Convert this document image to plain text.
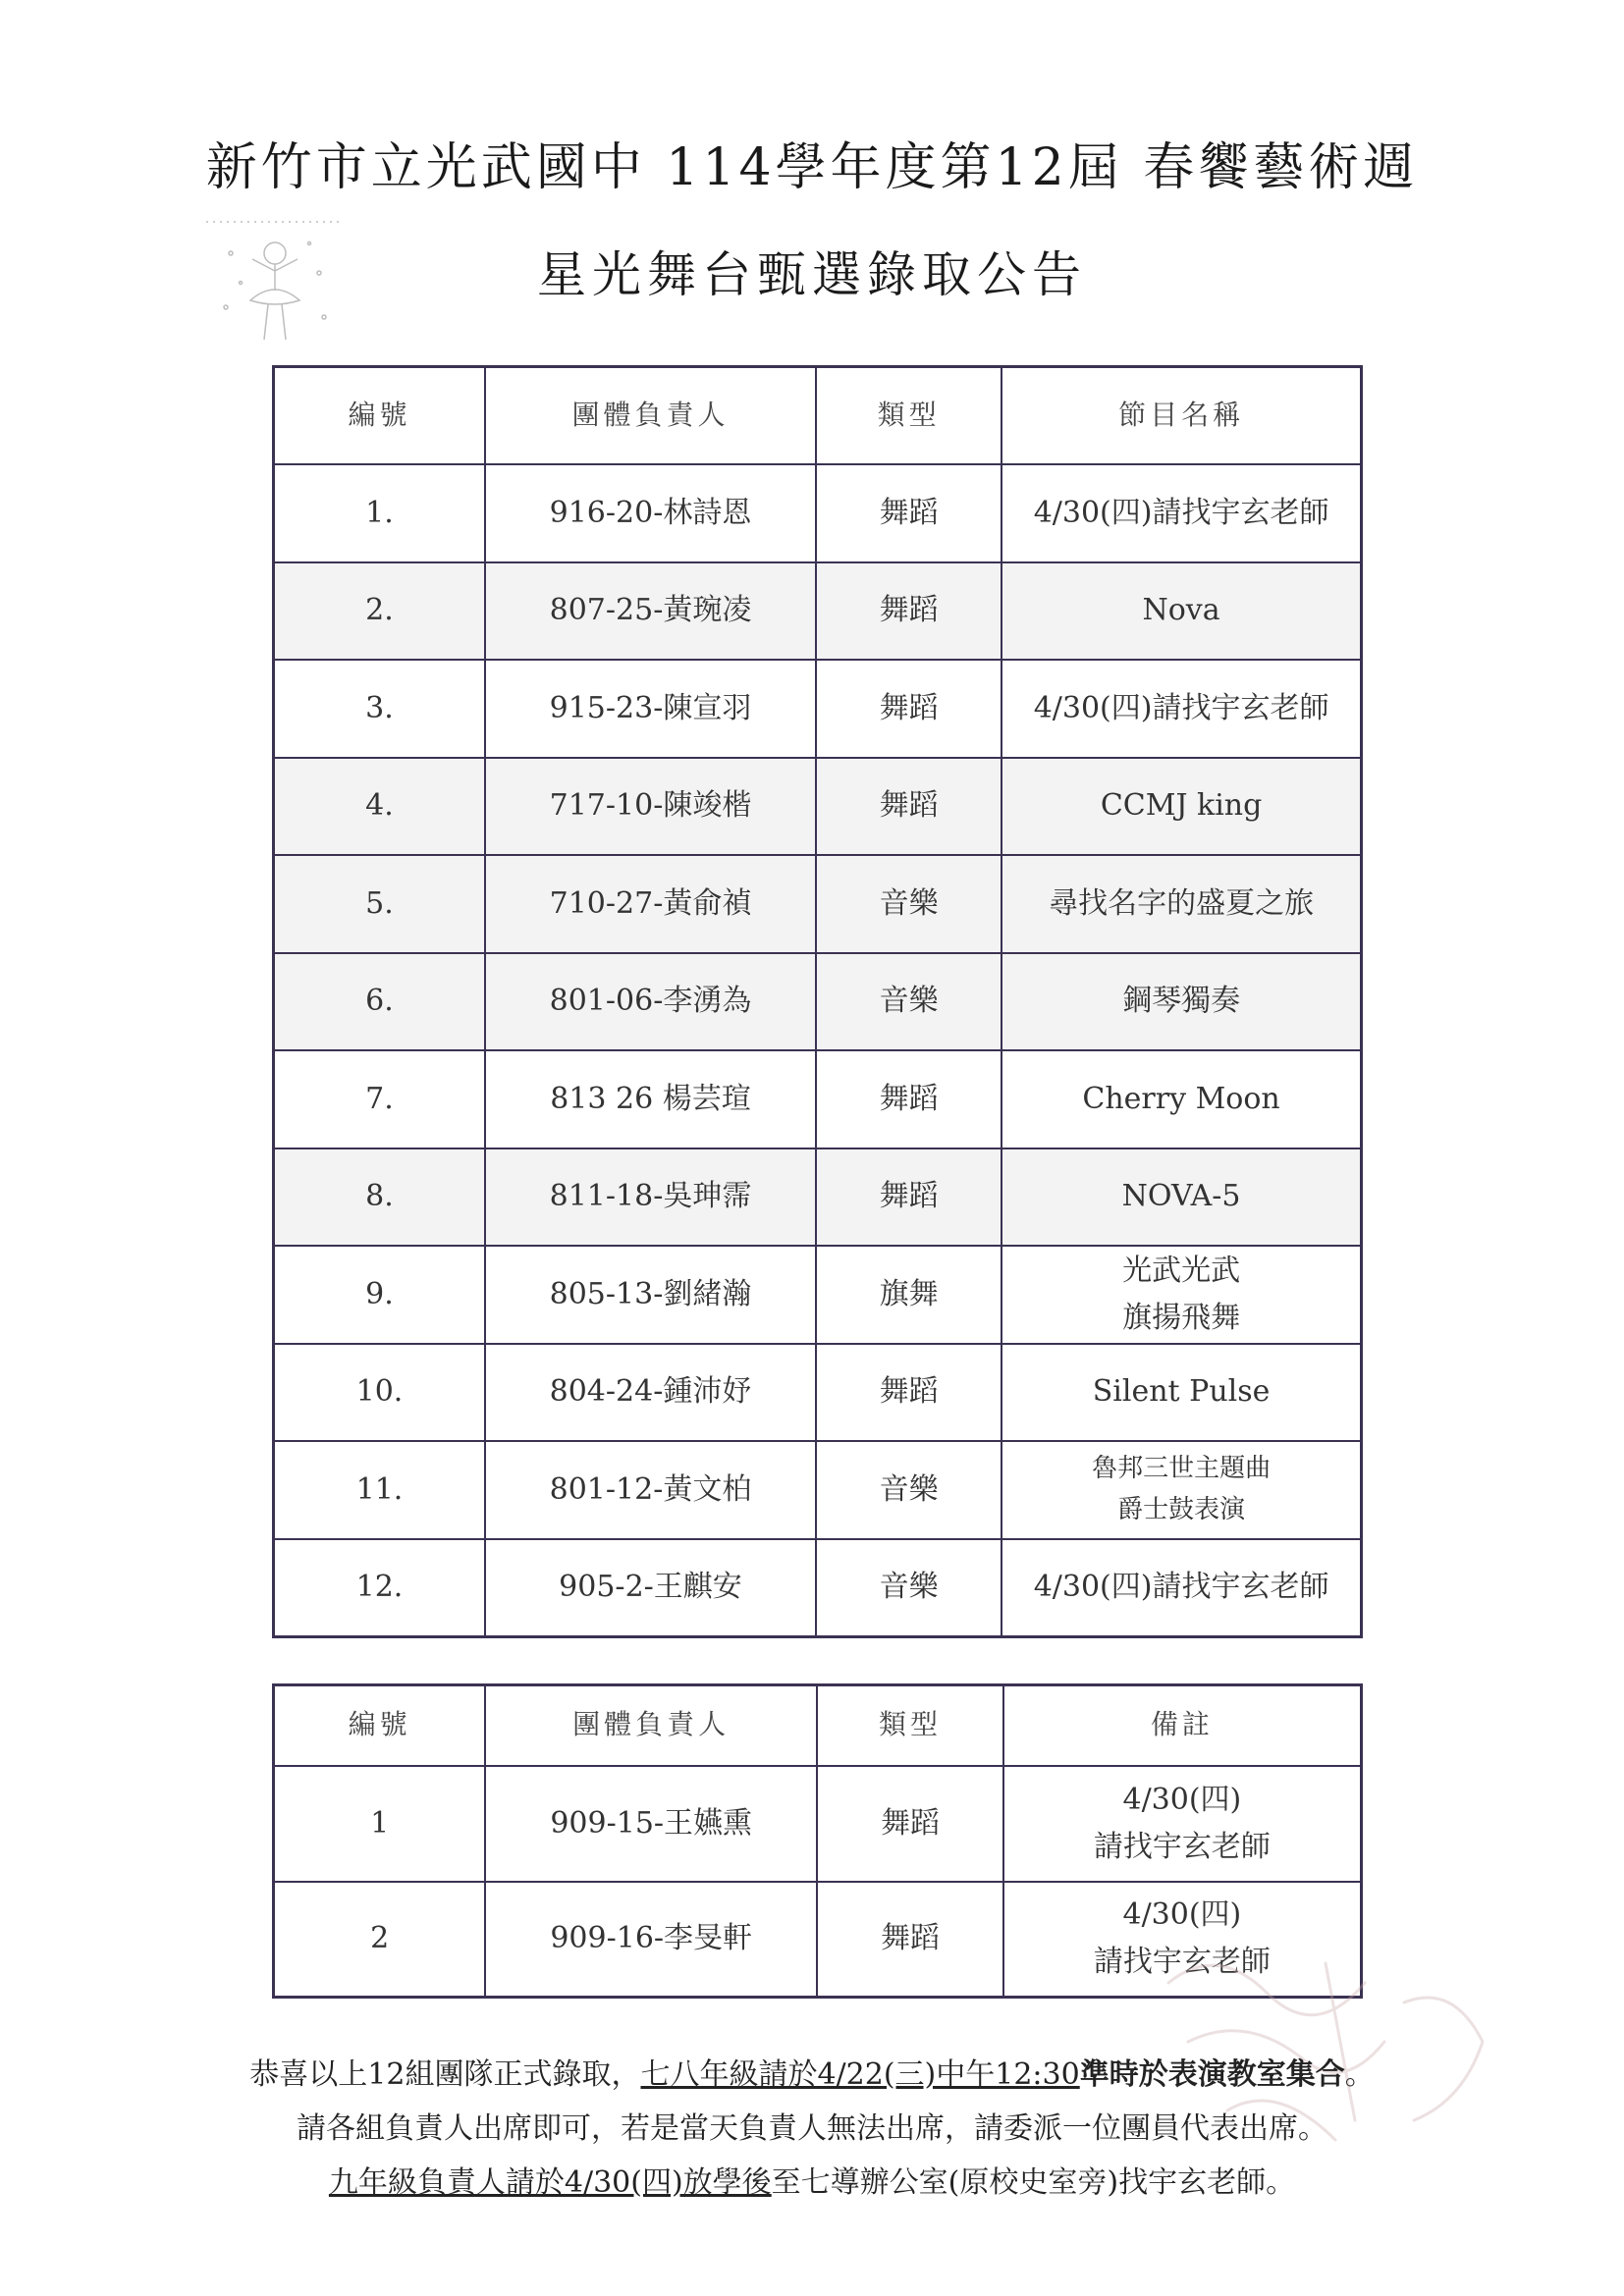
新竹市立光武國中 114學年度第12屆 春饗藝術週
星光舞台甄選錄取公告
編號	團體負責人	類型	節目名稱
1.	916-20-林詩恩	舞蹈	4/30(四)請找宇玄老師
2.	807-25-黃琬凌	舞蹈	Nova
3.	915-23-陳宣羽	舞蹈	4/30(四)請找宇玄老師
4.	717-10-陳竣楷	舞蹈	CCMJ king
5.	710-27-黃俞禎	音樂	尋找名字的盛夏之旅
6.	801-06-李湧為	音樂	鋼琴獨奏
7.	813 26 楊芸瑄	舞蹈	Cherry Moon
8.	811-18-吳珅霈	舞蹈	NOVA-5
9.	805-13-劉緒瀚	旗舞	光武光武
旗揚飛舞
10.	804-24-鍾沛妤	舞蹈	Silent Pulse
11.	801-12-黃文柏	音樂	魯邦三世主題曲
爵士鼓表演
12.	905-2-王麒安	音樂	4/30(四)請找宇玄老師
編號	團體負責人	類型	備註
1	909-15-王嬿熏	舞蹈	4/30(四)
請找宇玄老師
2	909-16-李旻軒	舞蹈	4/30(四)
請找宇玄老師
恭喜以上12組團隊正式錄取，七八年級請於4/22(三)中午12:30準時於表演教室集合。
請各組負責人出席即可，若是當天負責人無法出席，請委派一位團員代表出席。
九年級負責人請於4/30(四)放學後至七導辦公室(原校史室旁)找宇玄老師。
